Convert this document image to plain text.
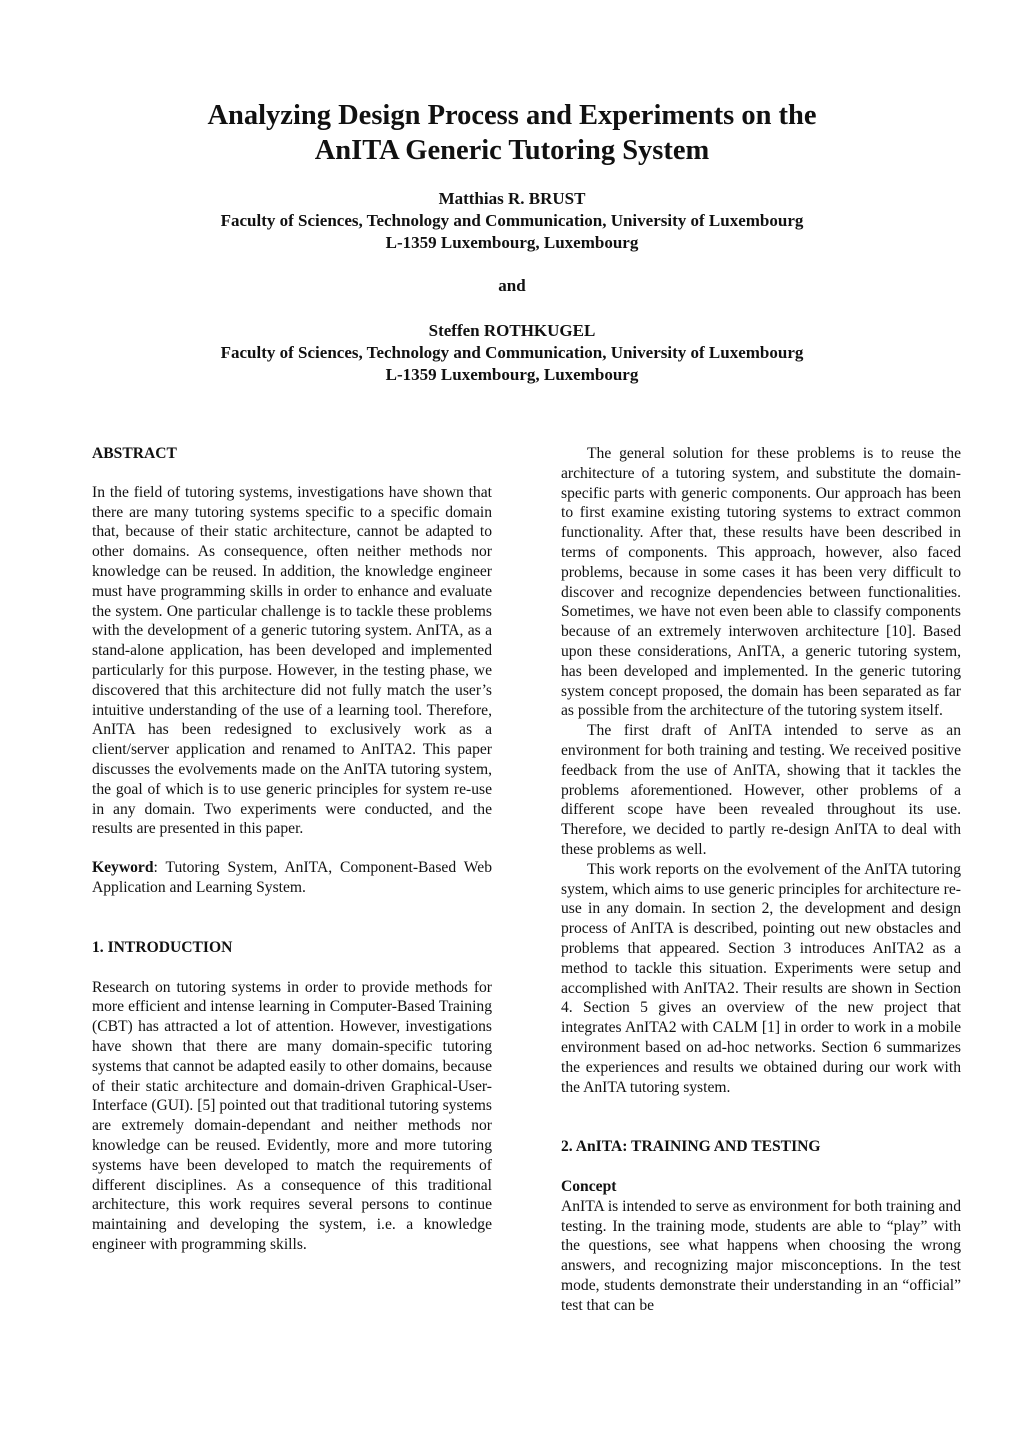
Analyzing Design Process and Experiments on the
AnITA Generic Tutoring System
Matthias R. BRUST
Faculty of Sciences, Technology and Communication, University of Luxembourg
L-1359 Luxembourg, Luxembourg
and
Steffen ROTHKUGEL
Faculty of Sciences, Technology and Communication, University of Luxembourg
L-1359 Luxembourg, Luxembourg

ABSTRACT

In the field of tutoring systems, investigations have shown that there are many tutoring systems specific to a specific domain that, because of their static architecture, cannot be adapted to other domains. As consequence, often neither methods nor knowledge can be reused. In addition, the knowledge engineer must have programming skills in order to enhance and evaluate the system. One particular challenge is to tackle these problems with the development of a generic tutoring system. AnITA, as a stand-alone application, has been developed and implemented particularly for this purpose. However, in the testing phase, we discovered that this architecture did not fully match the user’s intuitive understanding of the use of a learning tool. Therefore, AnITA has been redesigned to exclusively work as a client/server application and renamed to AnITA2. This paper discusses the evolvements made on the AnITA tutoring system, the goal of which is to use generic principles for system re-use in any domain. Two experiments were conducted, and the results are presented in this paper.

Keyword: Tutoring System, AnITA, Component-Based Web Application and Learning System.

1. INTRODUCTION

Research on tutoring systems in order to provide methods for more efficient and intense learning in Computer-Based Training (CBT) has attracted a lot of attention. However, investigations have shown that there are many domain-specific tutoring systems that cannot be adapted easily to other domains, because of their static architecture and domain-driven Graphical-User-Interface (GUI). [5] pointed out that traditional tutoring systems are extremely domain-dependant and neither methods nor knowledge can be reused. Evidently, more and more tutoring systems have been developed to match the requirements of different disciplines. As a consequence of this traditional architecture, this work requires several persons to continue maintaining and developing the system, i.e. a knowledge engineer with programming skills.

The general solution for these problems is to reuse the architecture of a tutoring system, and substitute the domain-specific parts with generic components. Our approach has been to first examine existing tutoring systems to extract common functionality. After that, these results have been described in terms of components. This approach, however, also faced problems, because in some cases it has been very difficult to discover and recognize dependencies between functionalities. Sometimes, we have not even been able to classify components because of an extremely interwoven architecture [10]. Based upon these considerations, AnITA, a generic tutoring system, has been developed and implemented. In the generic tutoring system concept proposed, the domain has been separated as far as possible from the architecture of the tutoring system itself.

The first draft of AnITA intended to serve as an environment for both training and testing. We received positive feedback from the use of AnITA, showing that it tackles the problems aforementioned. However, other problems of a different scope have been revealed throughout its use. Therefore, we decided to partly re-design AnITA to deal with these problems as well.

This work reports on the evolvement of the AnITA tutoring system, which aims to use generic principles for architecture re-use in any domain. In section 2, the development and design process of AnITA is described, pointing out new obstacles and problems that appeared. Section 3 introduces AnITA2 as a method to tackle this situation. Experiments were setup and accomplished with AnITA2. Their results are shown in Section 4. Section 5 gives an overview of the new project that integrates AnITA2 with CALM [1] in order to work in a mobile environment based on ad-hoc networks. Section 6 summarizes the experiences and results we obtained during our work with the AnITA tutoring system.

2. AnITA: TRAINING AND TESTING

Concept

AnITA is intended to serve as environment for both training and testing. In the training mode, students are able to “play” with the questions, see what happens when choosing the wrong answers, and recognizing major misconceptions. In the test mode, students demonstrate their understanding in an “official” test that can be
